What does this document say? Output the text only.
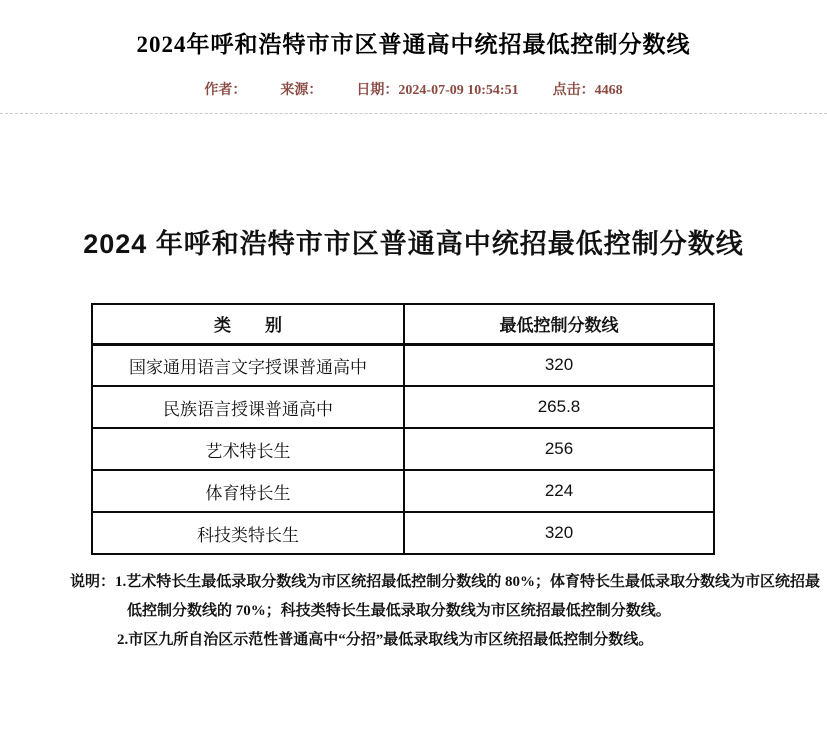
2024年呼和浩特市市区普通高中统招最低控制分数线
作者： 来源： 日期：2024-07-09 10:54:51 点击：4468
2024 年呼和浩特市市区普通高中统招最低控制分数线
类　　别	最低控制分数线
国家通用语言文字授课普通高中	320
民族语言授课普通高中	265.8
艺术特长生	256
体育特长生	224
科技类特长生	320
说明：1.艺术特长生最低录取分数线为市区统招最低控制分数线的 80%；体育特长生最低录取分数线为市区统招最
低控制分数线的 70%；科技类特长生最低录取分数线为市区统招最低控制分数线。
2.市区九所自治区示范性普通高中“分招”最低录取线为市区统招最低控制分数线。
